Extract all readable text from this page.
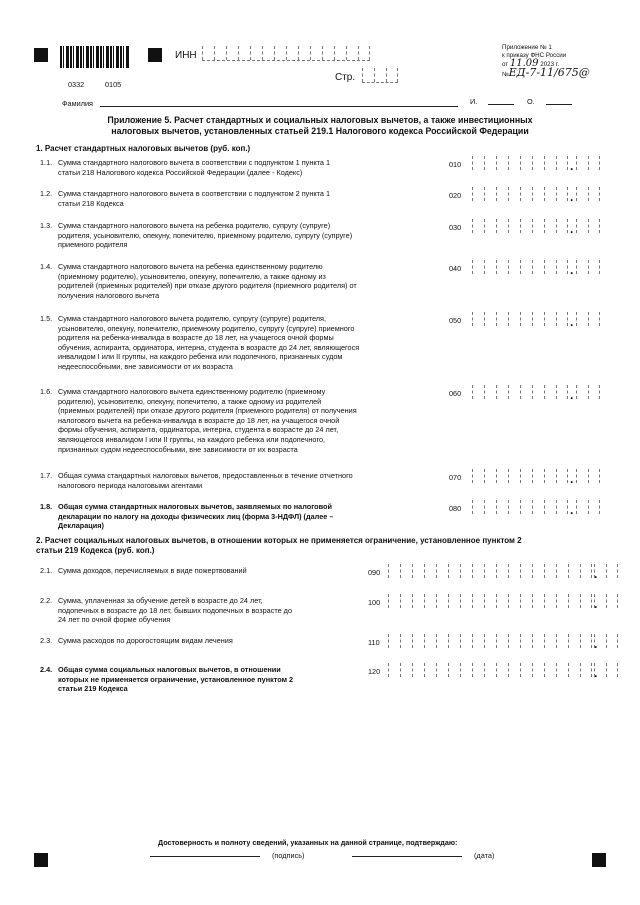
0332	0105
ИНН
Стр.
Приложение № 1
к приказу ФНС России
от 11.09 2023 г.
№ЕД-7-11/675@
Фамилия	И.	О.
Приложение 5. Расчет стандартных и социальных налоговых вычетов, а также инвестиционных
налоговых вычетов, установленных статьей 219.1 Налогового кодекса Российской Федерации
1. Расчет стандартных налоговых вычетов (руб. коп.)
2. Расчет социальных налоговых вычетов, в отношении которых не применяется ограничение, установленное пунктом 2
статьи 219 Кодекса (руб. коп.)
Достоверность и полноту сведений, указанных на данной странице, подтверждаю:
(подпись)	(дата)
1.1. Сумма стандартного налогового вычета в соответствии с подпунктом 1 пункта 1
статьи 218 Налогового кодекса Российской Федерации (далее - Кодекс)
010	.
1.2. Сумма стандартного налогового вычета в соответствии с подпунктом 2 пункта 1
статьи 218 Кодекса
020	.
1.3. Сумма стандартного налогового вычета на ребенка родителю, супругу (супруге)
родителя, усыновителю, опекуну, попечителю, приемному родителю, супругу (супруге)
приемного родителя
030	.
1.4. Сумма стандартного налогового вычета на ребенка единственному родителю
(приемному родителю), усыновителю, опекуну, попечителю, а также одному из
родителей (приемных родителей) при отказе другого родителя (приемного родителя) от
получения налогового вычета
040	.
1.5. Сумма стандартного налогового вычета родителю, супругу (супруге) родителя,
усыновителю, опекуну, попечителю, приемному родителю, супругу (супруге) приемного
родителя на ребенка-инвалида в возрасте до 18 лет, на учащегося очной формы
обучения, аспиранта, ординатора, интерна, студента в возрасте до 24 лет, являющегося
инвалидом I или II группы, на каждого ребенка или подопечного, признанных судом
недееспособными, вне зависимости от их возраста
050	.
1.6. Сумма стандартного налогового вычета единственному родителю (приемному
родителю), усыновителю, опекуну, попечителю, а также одному из родителей
(приемных родителей) при отказе другого родителя (приемного родителя) от получения
налогового вычета на ребенка-инвалида в возрасте до 18 лет, на учащегося очной
формы обучения, аспиранта, ординатора, интерна, студента в возрасте до 24 лет,
являющегося инвалидом I или II группы, на каждого ребенка или подопечного,
признанных судом недееспособными, вне зависимости от их возраста
060	.
1.7. Общая сумма стандартных налоговых вычетов, предоставленных в течение отчетного
налогового периода налоговыми агентами
070	.
1.8. Общая сумма стандартных налоговых вычетов, заявляемых по налоговой
декларации по налогу на доходы физических лиц (форма 3-НДФЛ) (далее –
Декларация)
080	.
2.1. Сумма доходов, перечисляемых в виде пожертвований	090	.
2.2. Сумма, уплаченная за обучение детей в возрасте до 24 лет,
подопечных в возрасте до 18 лет, бывших подопечных в возрасте до
24 лет по очной форме обучения
100	.
2.3. Сумма расходов по дорогостоящим видам лечения	110	.
2.4. Общая сумма социальных налоговых вычетов, в отношении
которых не применяется ограничение, установленное пунктом 2
статьи 219 Кодекса
120	.
